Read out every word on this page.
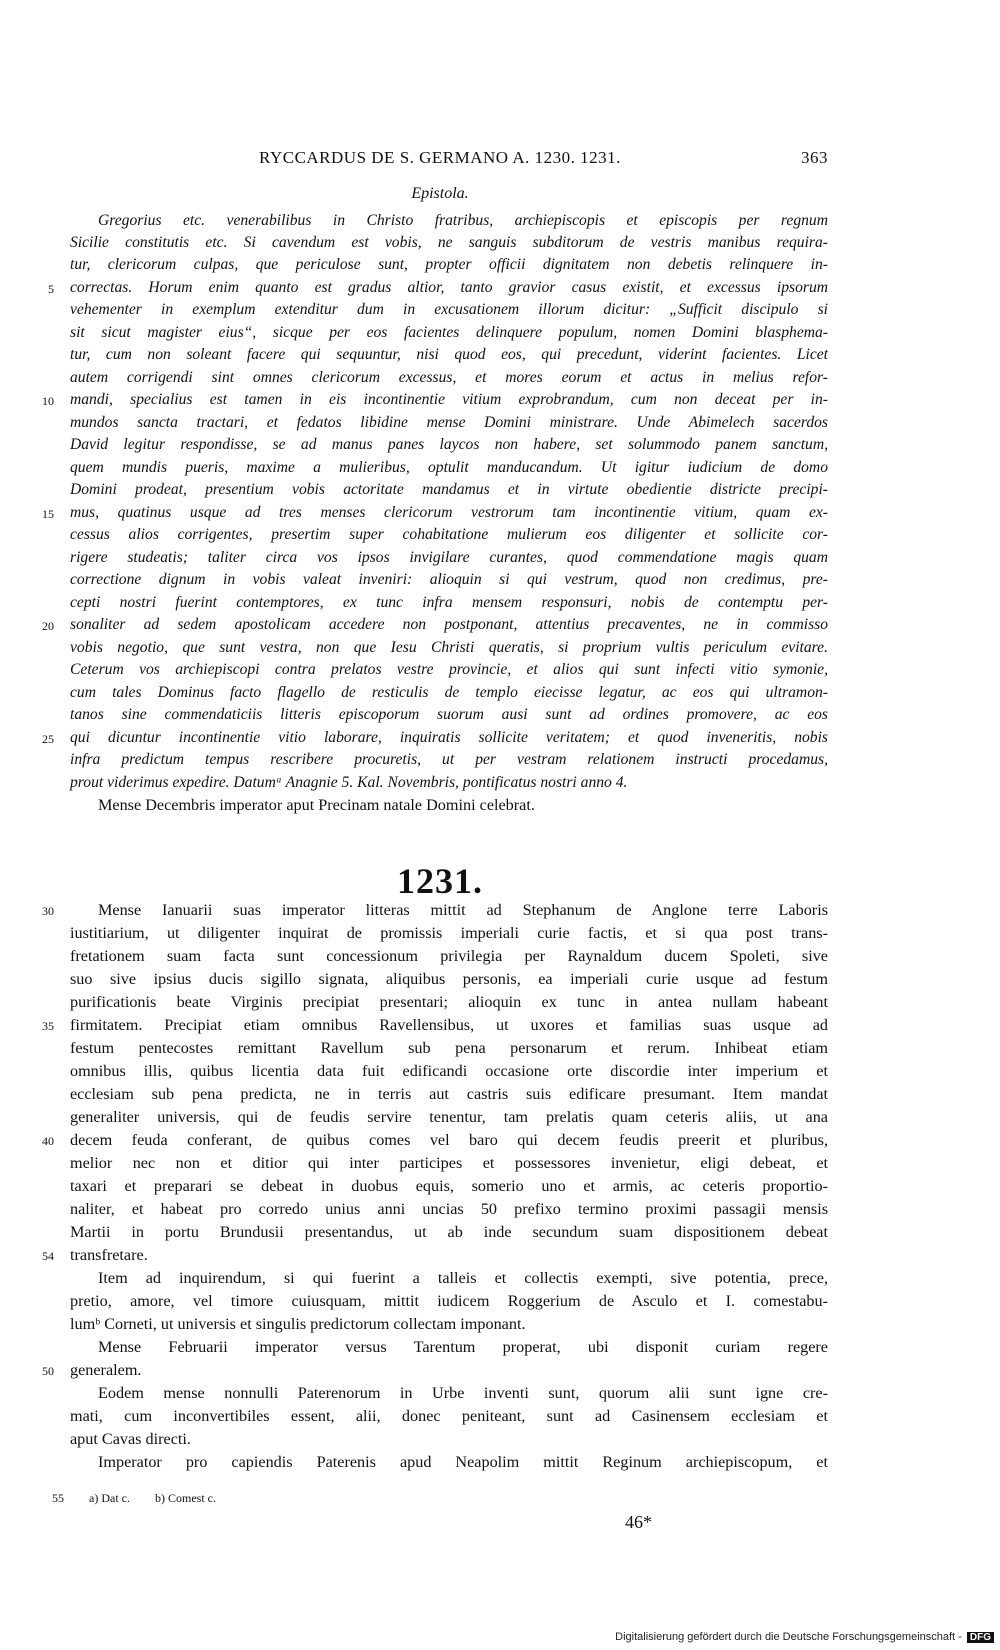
RYCCARDUS DE S. GERMANO A. 1230. 1231.	363
Epistola.
Gregorius etc. venerabilibus in Christo fratribus, archiepiscopis et episcopis per regnum
Sicilie constitutis etc. Si cavendum est vobis, ne sanguis subditorum de vestris manibus requira-
tur, clericorum culpas, que periculose sunt, propter officii dignitatem non debetis relinquere in-
correctas. Horum enim quanto est gradus altior, tanto gravior casus existit, et excessus ipsorum
vehementer in exemplum extenditur dum in excusationem illorum dicitur: „Sufficit discipulo si
sit sicut magister eius“, sicque per eos facientes delinquere populum, nomen Domini blasphema-
tur, cum non soleant facere qui sequuntur, nisi quod eos, qui precedunt, viderint facientes. Licet
autem corrigendi sint omnes clericorum excessus, et mores eorum et actus in melius refor-
mandi, specialius est tamen in eis incontinentie vitium exprobrandum, cum non deceat per in-
mundos sancta tractari, et fedatos libidine mense Domini ministrare. Unde Abimelech sacerdos
David legitur respondisse, se ad manus panes laycos non habere, set solummodo panem sanctum,
quem mundis pueris, maxime a mulieribus, optulit manducandum. Ut igitur iudicium de domo
Domini prodeat, presentium vobis actoritate mandamus et in virtute obedientie districte precipi-
mus, quatinus usque ad tres menses clericorum vestrorum tam incontinentie vitium, quam ex-
cessus alios corrigentes, presertim super cohabitatione mulierum eos diligenter et sollicite cor-
rigere studeatis; taliter circa vos ipsos invigilare curantes, quod commendatione magis quam
correctione dignum in vobis valeat inveniri: alioquin si qui vestrum, quod non credimus, pre-
cepti nostri fuerint contemptores, ex tunc infra mensem responsuri, nobis de contemptu per-
sonaliter ad sedem apostolicam accedere non postponant, attentius precaventes, ne in commisso
vobis negotio, que sunt vestra, non que Iesu Christi queratis, si proprium vultis periculum evitare.
Ceterum vos archiepiscopi contra prelatos vestre provincie, et alios qui sunt infecti vitio symonie,
cum tales Dominus facto flagello de resticulis de templo eiecisse legatur, ac eos qui ultramon-
tanos sine commendaticiis litteris episcoporum suorum ausi sunt ad ordines promovere, ac eos
qui dicuntur incontinentie vitio laborare, inquiratis sollicite veritatem; et quod inveneritis, nobis
infra predictum tempus rescribere procuretis, ut per vestram relationem instructi procedamus,
prout viderimus expedire. Datumᵃ Anagnie 5. Kal. Novembris, pontificatus nostri anno 4.
Mense Decembris imperator aput Precinam natale Domini celebrat.
1231.
Mense Ianuarii suas imperator litteras mittit ad Stephanum de Anglone terre Laboris
iustitiarium, ut diligenter inquirat de promissis imperiali curie factis, et si qua post trans-
fretationem suam facta sunt concessionum privilegia per Raynaldum ducem Spoleti, sive
suo sive ipsius ducis sigillo signata, aliquibus personis, ea imperiali curie usque ad festum
purificationis beate Virginis precipiat presentari; alioquin ex tunc in antea nullam habeant
firmitatem. Precipiat etiam omnibus Ravellensibus, ut uxores et familias suas usque ad
festum pentecostes remittant Ravellum sub pena personarum et rerum. Inhibeat etiam
omnibus illis, quibus licentia data fuit edificandi occasione orte discordie inter imperium et
ecclesiam sub pena predicta, ne in terris aut castris suis edificare presumant. Item mandat
generaliter universis, qui de feudis servire tenentur, tam prelatis quam ceteris aliis, ut ana
decem feuda conferant, de quibus comes vel baro qui decem feudis preerit et pluribus,
melior nec non et ditior qui inter participes et possessores invenietur, eligi debeat, et
taxari et preparari se debeat in duobus equis, somerio uno et armis, ac ceteris proportio-
naliter, et habeat pro corredo unius anni uncias 50 prefixo termino proximi passagii mensis
Martii in portu Brundusii presentandus, ut ab inde secundum suam dispositionem debeat
transfretare.
Item ad inquirendum, si qui fuerint a talleis et collectis exempti, sive potentia, prece,
pretio, amore, vel timore cuiusquam, mittit iudicem Roggerium de Asculo et I. comestabu-
lumᵇ Corneti, ut universis et singulis predictorum collectam imponant.
Mense Februarii imperator versus Tarentum properat, ubi disponit curiam regere
generalem.
Eodem mense nonnulli Paterenorum in Urbe inventi sunt, quorum alii sunt igne cre-
mati, cum inconvertibiles essent, alii, donec peniteant, sunt ad Casinensem ecclesiam et
aput Cavas directi.
Imperator pro capiendis Paterenis apud Neapolim mittit Reginum archiepiscopum, et
5
10
15
20
25
30
35
40
54
50
55 a) Dat c. b) Comest c.
46*
Digitalisierung gefördert durch die Deutsche Forschungsgemeinschaft - DFG
